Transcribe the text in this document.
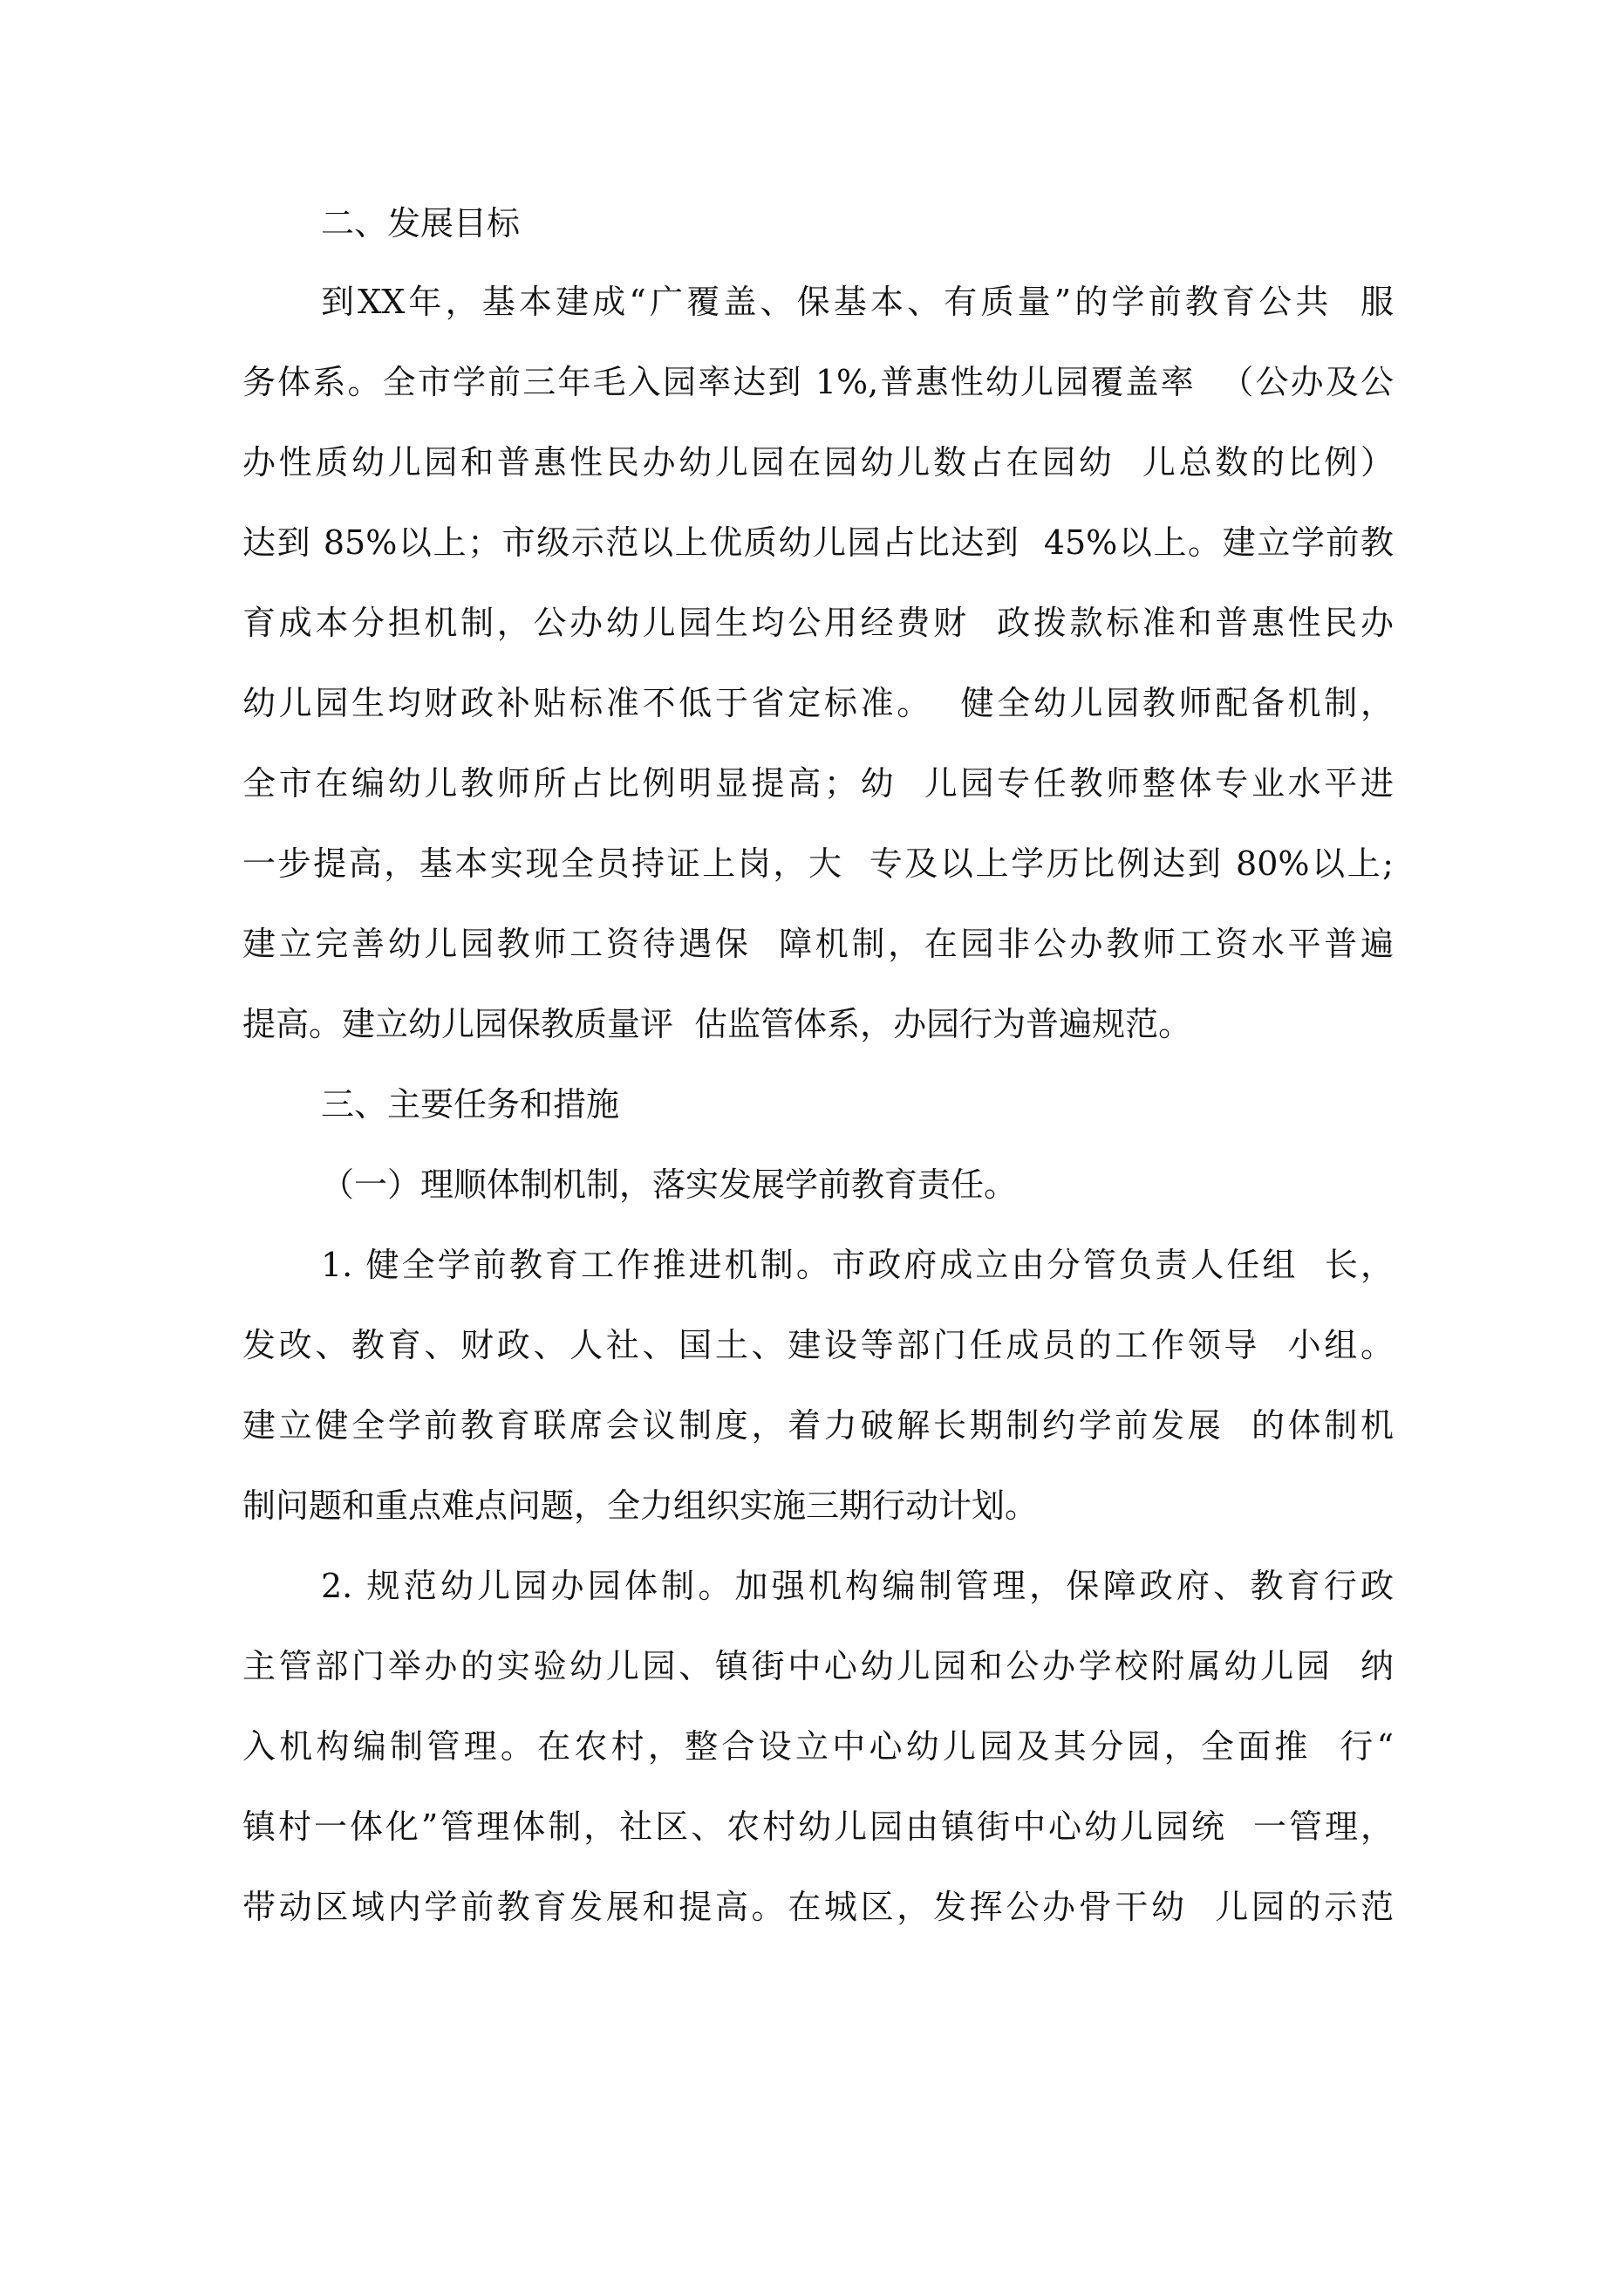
二、发展目标
到XX年，基本建成“广覆盖、保基本、有质量”的学前教育公共  服
务体系。全市学前三年毛入园率达到 1%,普惠性幼儿园覆盖率  （公办及公
办性质幼儿园和普惠性民办幼儿园在园幼儿数占在园幼  儿总数的比例）
达到 85%以上；市级示范以上优质幼儿园占比达到  45%以上。建立学前教
育成本分担机制，公办幼儿园生均公用经费财  政拨款标准和普惠性民办
幼儿园生均财政补贴标准不低于省定标准。  健全幼儿园教师配备机制，
全市在编幼儿教师所占比例明显提高；幼  儿园专任教师整体专业水平进
一步提高，基本实现全员持证上岗，大  专及以上学历比例达到 80%以上;
建立完善幼儿园教师工资待遇保  障机制，在园非公办教师工资水平普遍
提高。建立幼儿园保教质量评  估监管体系，办园行为普遍规范。
三、主要任务和措施
（一）理顺体制机制，落实发展学前教育责任。
1. 健全学前教育工作推进机制。市政府成立由分管负责人任组  长，
发改、教育、财政、人社、国土、建设等部门任成员的工作领导  小组。
建立健全学前教育联席会议制度，着力破解长期制约学前发展  的体制机
制问题和重点难点问题，全力组织实施三期行动计划。
2. 规范幼儿园办园体制。加强机构编制管理，保障政府、教育行政
主管部门举办的实验幼儿园、镇街中心幼儿园和公办学校附属幼儿园  纳
入机构编制管理。在农村，整合设立中心幼儿园及其分园，全面推  行“
镇村一体化”管理体制，社区、农村幼儿园由镇街中心幼儿园统  一管理，
带动区域内学前教育发展和提高。在城区，发挥公办骨干幼  儿园的示范
